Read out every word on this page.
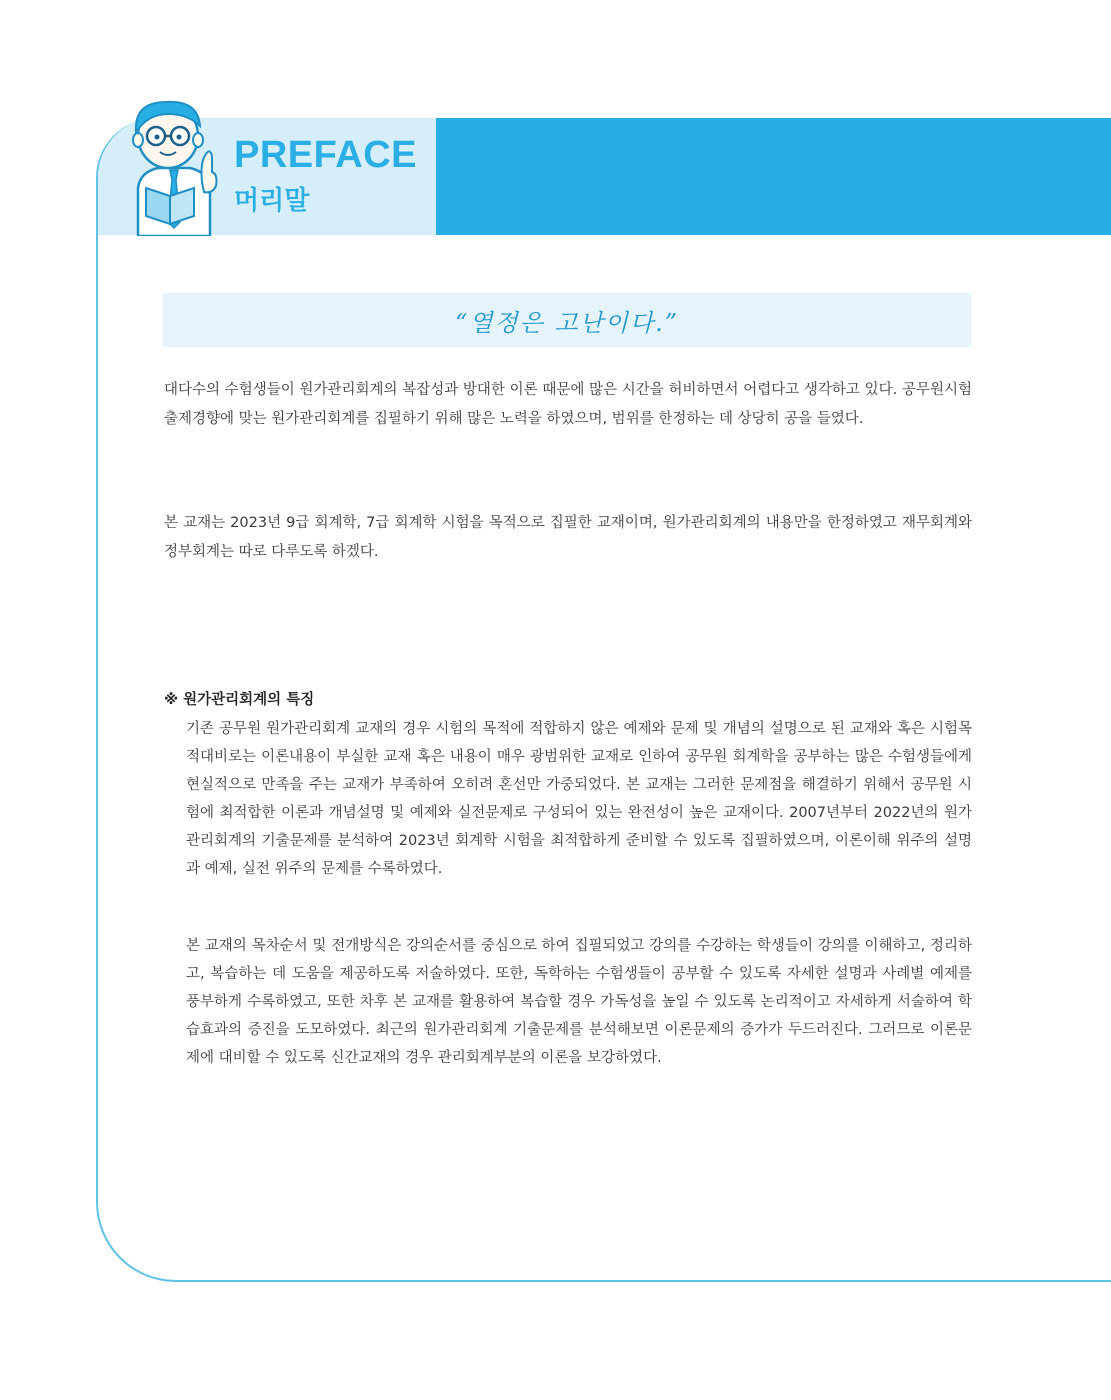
PREFACE
머리말
“열정은 고난이다.”

대다수의 수험생들이 원가관리회계의 복잡성과 방대한 이론 때문에 많은 시간을 허비하면서 어렵다고 생각하고 있다. 공무원시험 출제경향에 맞는 원가관리회계를 집필하기 위해 많은 노력을 하였으며, 범위를 한정하는 데 상당히 공을 들였다.

본 교재는 2023년 9급 회계학, 7급 회계학 시험을 목적으로 집필한 교재이며, 원가관리회계의 내용만을 한정하였고 재무회계와 정부회계는 따로 다루도록 하겠다.

※ 원가관리회계의 특징

기존 공무원 원가관리회계 교재의 경우 시험의 목적에 적합하지 않은 예제와 문제 및 개념의 설명으로 된 교재와 혹은 시험목적대비로는 이론내용이 부실한 교재 혹은 내용이 매우 광범위한 교재로 인하여 공무원 회계학을 공부하는 많은 수험생들에게 현실적으로 만족을 주는 교재가 부족하여 오히려 혼선만 가중되었다. 본 교재는 그러한 문제점을 해결하기 위해서 공무원 시험에 최적합한 이론과 개념설명 및 예제와 실전문제로 구성되어 있는 완전성이 높은 교재이다. 2007년부터 2022년의 원가관리회계의 기출문제를 분석하여 2023년 회계학 시험을 최적합하게 준비할 수 있도록 집필하였으며, 이론이해 위주의 설명과 예제, 실전 위주의 문제를 수록하였다.

본 교재의 목차순서 및 전개방식은 강의순서를 중심으로 하여 집필되었고 강의를 수강하는 학생들이 강의를 이해하고, 정리하고, 복습하는 데 도움을 제공하도록 저술하였다. 또한, 독학하는 수험생들이 공부할 수 있도록 자세한 설명과 사례별 예제를 풍부하게 수록하였고, 또한 차후 본 교재를 활용하여 복습할 경우 가독성을 높일 수 있도록 논리적이고 자세하게 서술하여 학습효과의 증진을 도모하였다. 최근의 원가관리회계 기출문제를 분석해보면 이론문제의 증가가 두드러진다. 그러므로 이론문제에 대비할 수 있도록 신간교재의 경우 관리회계부분의 이론을 보강하였다.
